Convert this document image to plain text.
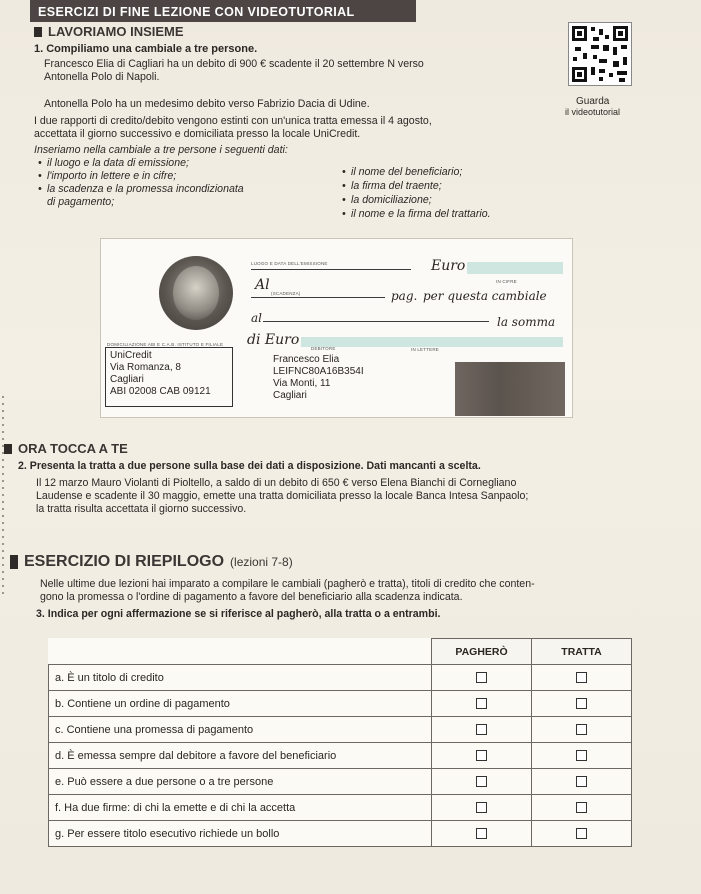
ESERCIZI DI FINE LEZIONE CON VIDEOTUTORIAL
LAVORIAMO INSIEME
Guarda
il videotutorial
1. Compiliamo una cambiale a tre persone.
Francesco Elia di Cagliari ha un debito di 900 € scadente il 20 settembre N verso
Antonella Polo di Napoli.
Antonella Polo ha un medesimo debito verso Fabrizio Dacia di Udine.
I due rapporti di credito/debito vengono estinti con un'unica tratta emessa il 4 agosto,
accettata il giorno successivo e domiciliata presso la locale UniCredit.
Inseriamo nella cambiale a tre persone i seguenti dati:
• il luogo e la data di emissione;
• l'importo in lettere e in cifre;
• la scadenza e la promessa incondizionata
di pagamento;
• il nome del beneficiario;
• la firma del traente;
• la domiciliazione;
• il nome e la firma del trattario.
LUOGO E DATA DELL'EMISSIONE	Euro
IN CIFRE
Al
(SCADENZA)	pag. per questa cambiale
al	la somma
IN LETTERE
di Euro
DOMICILIAZIONE ABI E C.A.B. ISTITUTO E FILIALE
DEBITORE
UniCredit
Via Romanza, 8
Cagliari
ABI 02008 CAB 09121
Francesco Elia
LEIFNC80A16B354I
Via Monti, 11
Cagliari
ORA TOCCA A TE
2. Presenta la tratta a due persone sulla base dei dati a disposizione. Dati mancanti a scelta.
Il 12 marzo Mauro Violanti di Pioltello, a saldo di un debito di 650 € verso Elena Bianchi di Cornegliano
Laudense e scadente il 30 maggio, emette una tratta domiciliata presso la locale Banca Intesa Sanpaolo;
la tratta risulta accettata il giorno successivo.
ESERCIZIO DI RIEPILOGO (lezioni 7-8)
Nelle ultime due lezioni hai imparato a compilare le cambiali (pagherò e tratta), titoli di credito che conten-
gono la promessa o l'ordine di pagamento a favore del beneficiario alla scadenza indicata.
3. Indica per ogni affermazione se si riferisce al pagherò, alla tratta o a entrambi.
	PAGHERÒ	TRATTA
a. È un titolo di credito		
b. Contiene un ordine di pagamento		
c. Contiene una promessa di pagamento		
d. È emessa sempre dal debitore a favore del beneficiario		
e. Può essere a due persone o a tre persone		
f. Ha due firme: di chi la emette e di chi la accetta		
g. Per essere titolo esecutivo richiede un bollo		
